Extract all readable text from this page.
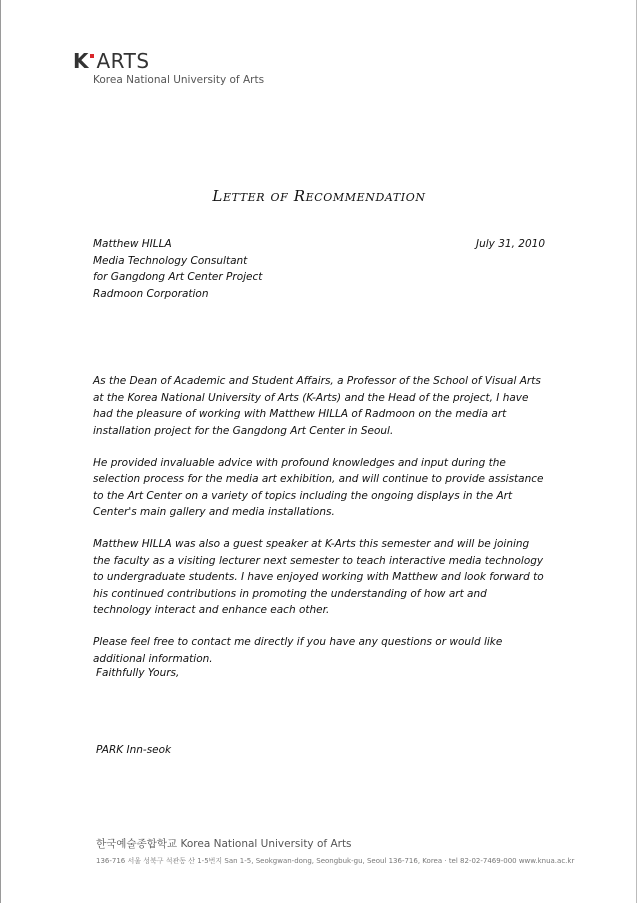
K ARTS
Korea National University of Arts
Letter of Recommendation
Matthew HILLA
Media Technology Consultant
for Gangdong Art Center Project
Radmoon Corporation
July 31, 2010
As the Dean of Academic and Student Affairs, a Professor of the School of Visual Arts
at the Korea National University of Arts (K-Arts) and the Head of the project, I have
had the pleasure of working with Matthew HILLA of Radmoon on the media art
installation project for the Gangdong Art Center in Seoul.
He provided invaluable advice with profound knowledges and input during the
selection process for the media art exhibition, and will continue to provide assistance
to the Art Center on a variety of topics including the ongoing displays in the Art
Center's main gallery and media installations.
Matthew HILLA was also a guest speaker at K-Arts this semester and will be joining
the faculty as a visiting lecturer next semester to teach interactive media technology
to undergraduate students. I have enjoyed working with Matthew and look forward to
his continued contributions in promoting the understanding of how art and
technology interact and enhance each other.
Please feel free to contact me directly if you have any questions or would like
additional information.
Faithfully Yours,
PARK Inn-seok
한국예술종합학교 Korea National University of Arts
136-716 서울 성북구 석관동 산 1-5번지 San 1-5, Seokgwan-dong, Seongbuk-gu, Seoul 136-716, Korea · tel 82-02-7469-000 www.knua.ac.kr
